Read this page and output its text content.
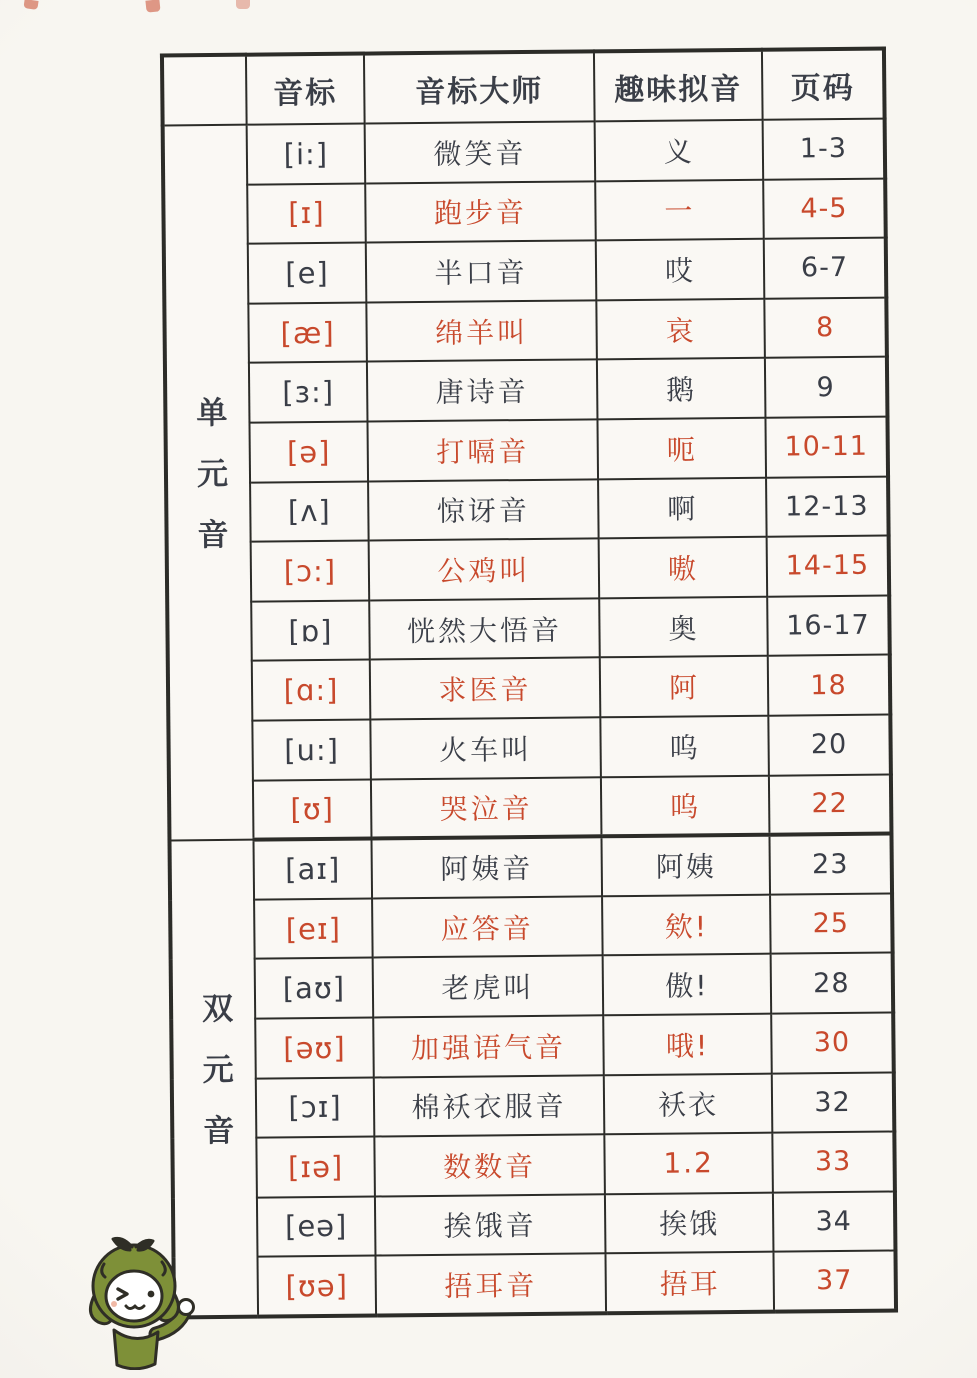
	音标	音标大师	趣味拟音	页码
单元音	[i:]	微笑音	义	1-3
	[ɪ]	跑步音	一	4-5
	[e]	半口音	哎	6-7
	[æ]	绵羊叫	哀	8
	[ɜ:]	唐诗音	鹅	9
	[ə]	打嗝音	呃	10-11
	[ʌ]	惊讶音	啊	12-13
	[ɔ:]	公鸡叫	嗷	14-15
	[ɒ]	恍然大悟音	奥	16-17
	[ɑ:]	求医音	阿	18
	[u:]	火车叫	呜	20
	[ʊ]	哭泣音	呜	22
双元音	[aɪ]	阿姨音	阿姨	23
	[eɪ]	应答音	欸!	25
	[aʊ]	老虎叫	傲!	28
	[əʊ]	加强语气音	哦!	30
	[ɔɪ]	棉袄衣服音	袄衣	32
	[ɪə]	数数音	1.2	33
	[eə]	挨饿音	挨饿	34
	[ʊə]	捂耳音	捂耳	37
